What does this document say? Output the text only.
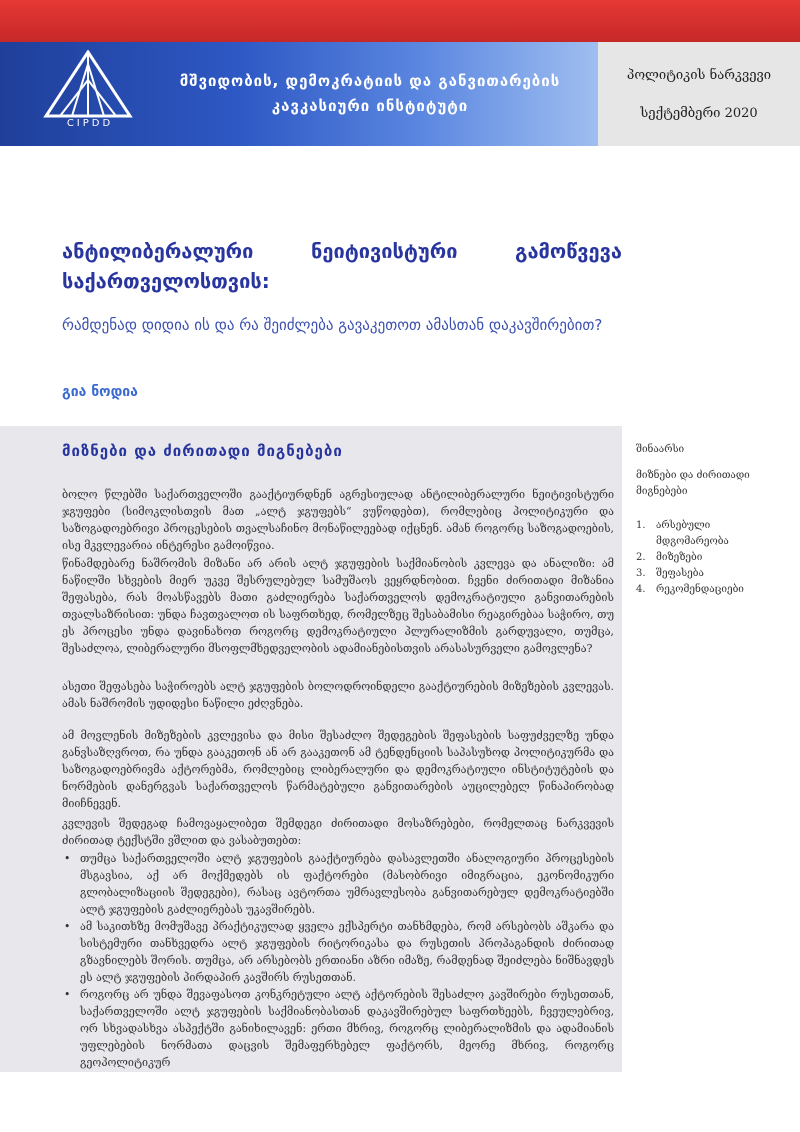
CIPDD
მშვიდობის, დემოკრატიის და განვითარების
კავკასიური ინსტიტუტი
პოლიტიკის ნარკვევი
სექტემბერი 2020
ანტილიბერალური ნეიტივისტური გამოწვევა საქართველოსთვის:
რამდენად დიდია ის და რა შეიძლება გავაკეთოთ ამასთან დაკავშირებით?
გია ნოდია
მიზნები და ძირითადი მიგნებები

ბოლო წლებში საქართველოში გააქტიურდნენ აგრესიულად ანტილიბერალური ნეიტივისტური ჯგუფები (სიმოკლისთვის მათ „ალტ ჯგუფებს“ ვუწოდებთ), რომლებიც პოლიტიკური და საზოგადოებრივი პროცესების თვალსაჩინო მონაწილეებად იქცნენ. ამან როგორც საზოგადოების, ისე მკვლევარია ინტერესი გამოიწვია.

წინამდებარე ნაშრომის მიზანი არ არის ალტ ჯგუფების საქმიანობის კვლევა და ანალიზი: ამ ნაწილში სხვების მიერ უკვე შესრულებულ სამუშაოს ვეყრდნობით. ჩვენი ძირითადი მიზანია შეფასება, რას მოასწავებს მათი გაძლიერება საქართველოს დემოკრატიული განვითარების თვალსაზრისით: უნდა ჩავთვალოთ ის საფრთხედ, რომელზეც შესაბამისი რეაგირებაა საჭირო, თუ ეს პროცესი უნდა დავინახოთ როგორც დემოკრატიული პლურალიზმის გარდუვალი, თუმცა, შესაძლოა, ლიბერალური მსოფლმხედველობის ადამიანებისთვის არასასურველი გამოვლენა?

ასეთი შეფასება საჭიროებს ალტ ჯგუფების ბოლოდროინდელი გააქტიურების მიზეზების კვლევას. ამას ნაშრომის უდიდესი ნაწილი ეძღვნება.

ამ მოვლენის მიზეზების კვლევისა და მისი შესაძლო შედეგების შეფასების საფუძველზე უნდა განვსაზღვროთ, რა უნდა გააკეთონ ან არ გააკეთონ ამ ტენდენციის საპასუხოდ პოლიტიკურმა და საზოგადოებრივმა აქტორებმა, რომლებიც ლიბერალური და დემოკრატიული ინსტიტუტების და ნორმების დანერგვას საქართველოს წარმატებული განვითარების აუცილებელ წინაპირობად მიიჩნევენ.

კვლევის შედეგად ჩამოვაყალიბეთ შემდეგი ძირითადი მოსაზრებები, რომელთაც ნარკვევის ძირითად ტექსტში ვშლით და ვასაბუთებთ:

• თუმცა საქართველოში ალტ ჯგუფების გააქტიურება დასავლეთში ანალოგიური პროცესების მსგავსია, აქ არ მოქმედებს ის ფაქტორები (მასობრივი იმიგრაცია, ეკონომიკური გლობალიზაციის შედეგები), რასაც ავტორთა უმრავლესობა განვითარებულ დემოკრატიებში ალტ ჯგუფების გაძლიერებას უკავშირებს.
• ამ საკითხზე მომუშავე პრაქტიკულად ყველა ექსპერტი თანხმდება, რომ არსებობს აშკარა და სისტემური თანხვედრა ალტ ჯგუფების რიტორიკასა და რუსეთის პროპაგანდის ძირითად გზავნილებს შორის. თუმცა, არ არსებობს ერთიანი აზრი იმაზე, რამდენად შეიძლება ნიშნავდეს ეს ალტ ჯგუფების პირდაპირ კავშირს რუსეთთან.
• როგორც არ უნდა შევაფასოთ კონკრეტული ალტ აქტორების შესაძლო კავშირები რუსეთთან, საქართველოში ალტ ჯგუფების საქმიანობასთან დაკავშირებულ საფრთხეებს, ჩვეულებრივ, ორ სხვადასხვა ასპექტში განიხილავენ: ერთი მხრივ, როგორც ლიბერალიზმის და ადამიანის უფლებების ნორმათა დაცვის შემაფერხებელ ფაქტორს, მეორე მხრივ, როგორც გეოპოლიტიკურ
შინაარსი
მიზნები და ძირითადი მიგნებები
1. არსებული მდგომარეობა
2. მიზეზები
3. შეფასება
4. რეკომენდაციები
